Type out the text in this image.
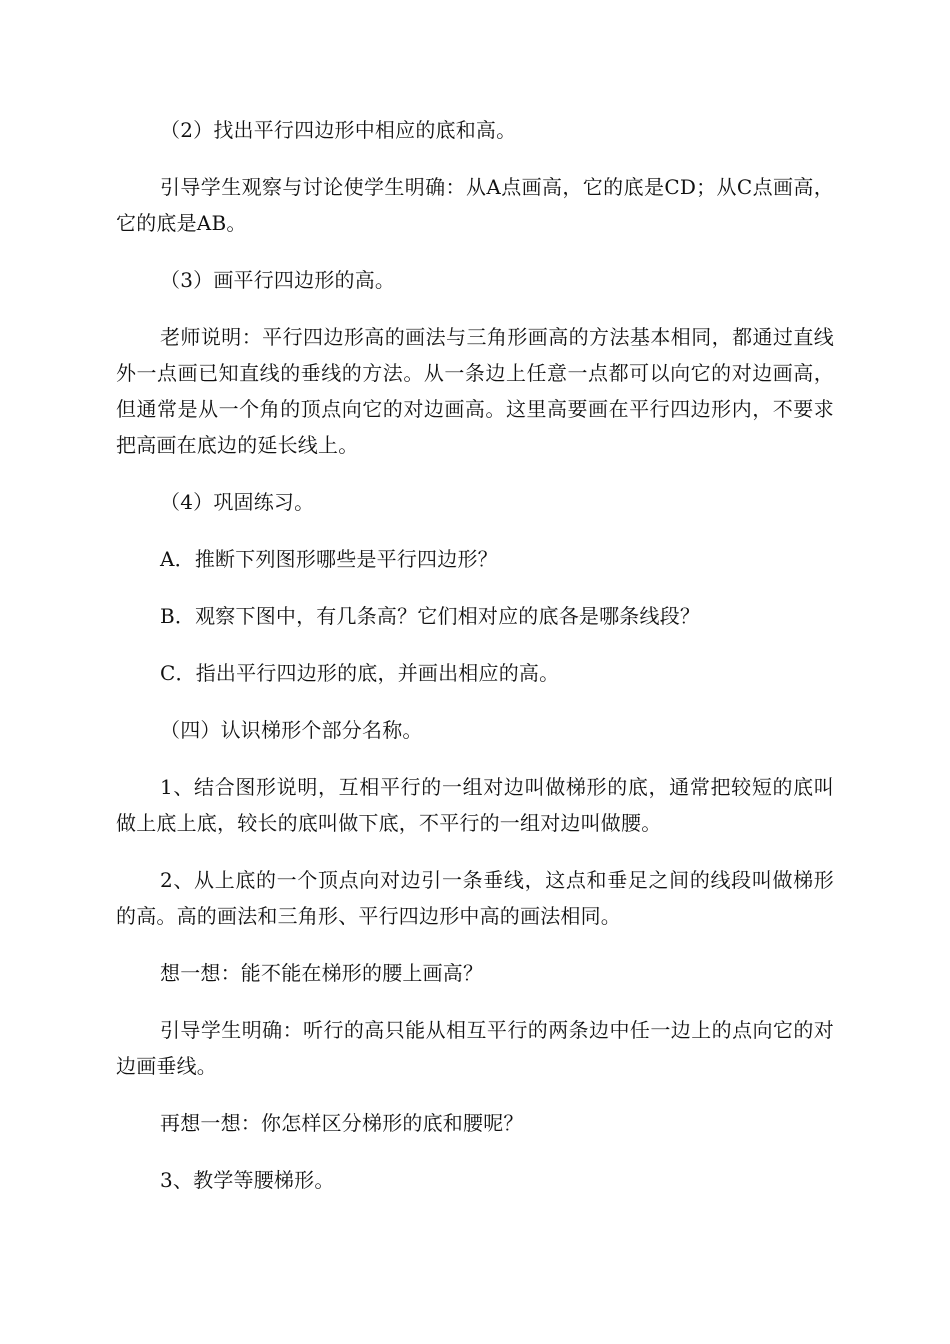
（2）找出平行四边形中相应的底和高。

引导学生观察与讨论使学生明确：从A点画高，它的底是CD；从C点画高，它的底是AB。

（3）画平行四边形的高。

老师说明：平行四边形高的画法与三角形画高的方法基本相同，都通过直线外一点画已知直线的垂线的方法。从一条边上任意一点都可以向它的对边画高，但通常是从一个角的顶点向它的对边画高。这里高要画在平行四边形内，不要求把高画在底边的延长线上。

（4）巩固练习。

A．推断下列图形哪些是平行四边形？

B．观察下图中，有几条高？它们相对应的底各是哪条线段？

C．指出平行四边形的底，并画出相应的高。

（四）认识梯形个部分名称。

1、结合图形说明，互相平行的一组对边叫做梯形的底，通常把较短的底叫做上底上底，较长的底叫做下底，不平行的一组对边叫做腰。

2、从上底的一个顶点向对边引一条垂线，这点和垂足之间的线段叫做梯形的高。高的画法和三角形、平行四边形中高的画法相同。

想一想：能不能在梯形的腰上画高？

引导学生明确：听行的高只能从相互平行的两条边中任一边上的点向它的对边画垂线。

再想一想：你怎样区分梯形的底和腰呢？

3、教学等腰梯形。
